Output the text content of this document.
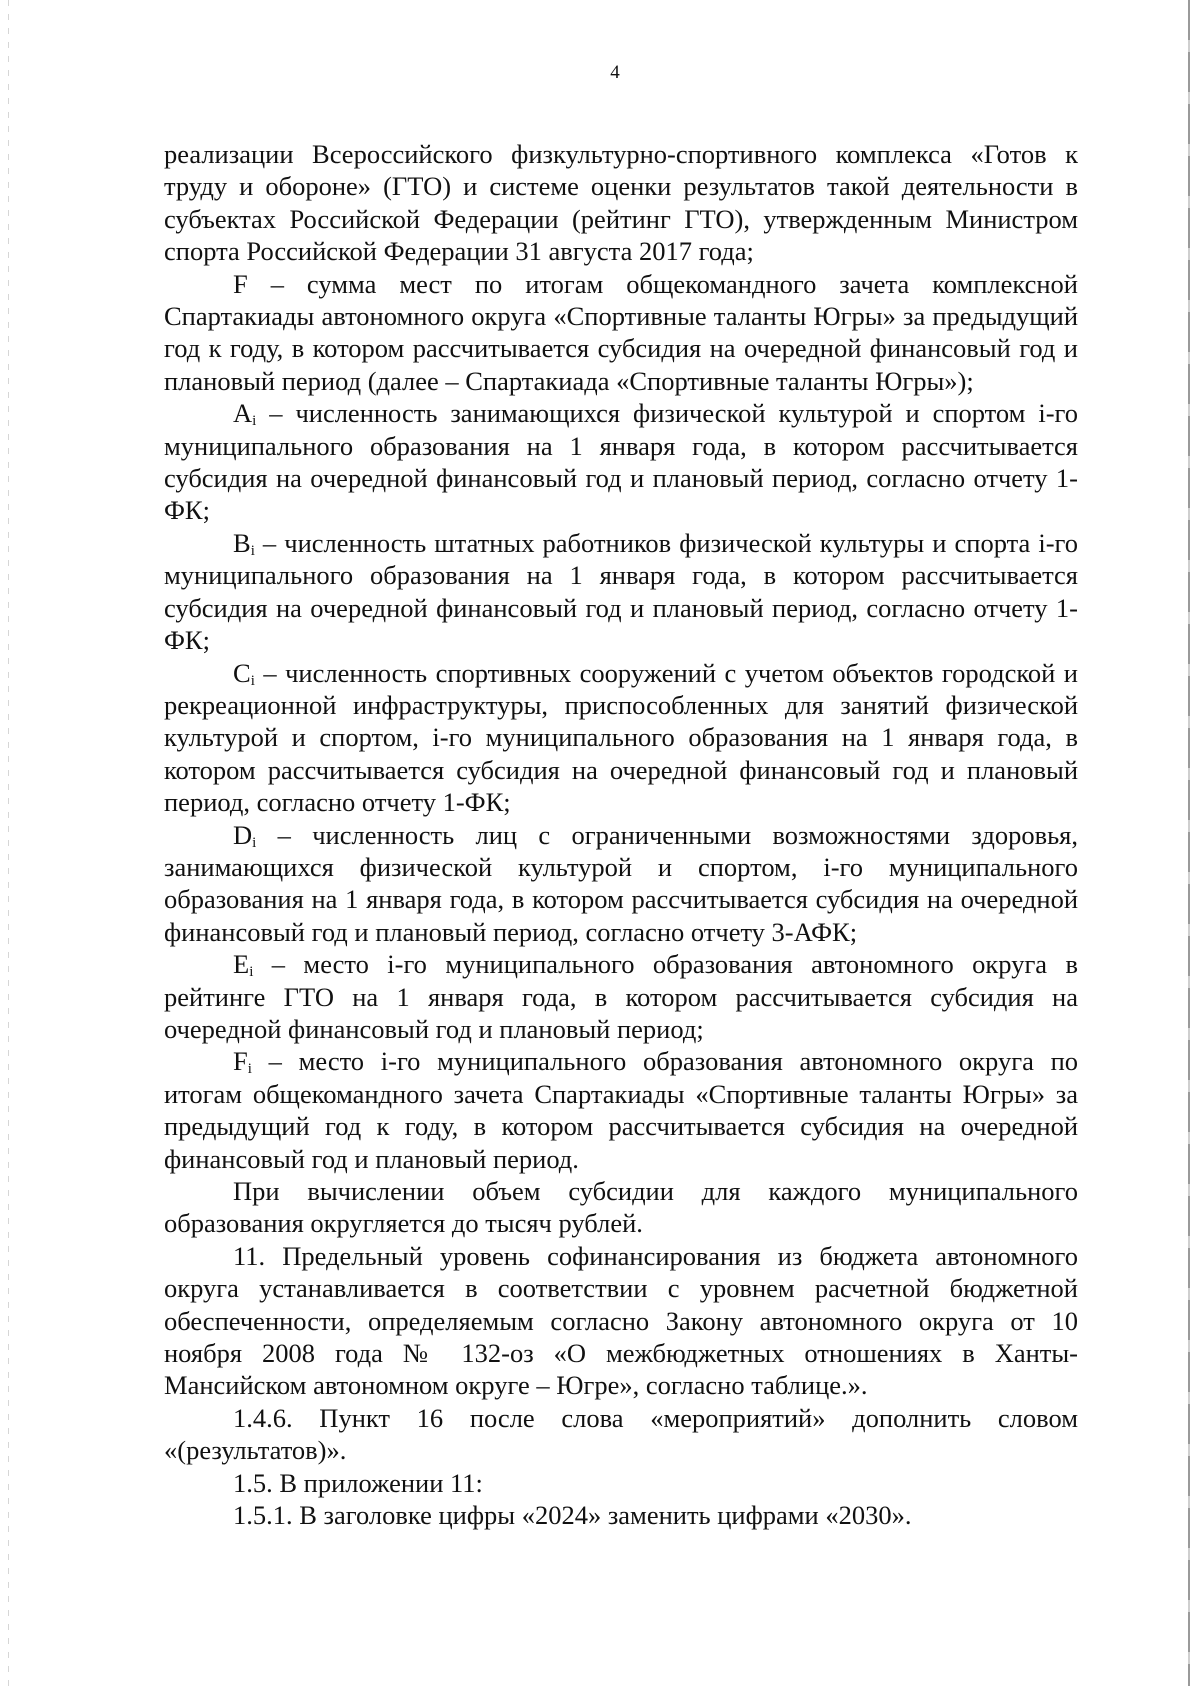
4

реализации Всероссийского физкультурно-спортивного комплекса «Готов к труду и обороне» (ГТО) и системе оценки результатов такой деятельности в субъектах Российской Федерации (рейтинг ГТО), утвержденным Министром спорта Российской Федерации 31 августа 2017 года;

F – сумма мест по итогам общекомандного зачета комплексной Спартакиады автономного округа «Спортивные таланты Югры» за предыдущий год к году, в котором рассчитывается субсидия на очередной финансовый год и плановый период (далее – Спартакиада «Спортивные таланты Югры»);

$A_i$ – численность занимающихся физической культурой и спортом i-го муниципального образования на 1 января года, в котором рассчитывается субсидия на очередной финансовый год и плановый период, согласно отчету 1-ФК;

$B_i$ – численность штатных работников физической культуры и спорта i-го муниципального образования на 1 января года, в котором рассчитывается субсидия на очередной финансовый год и плановый период, согласно отчету 1-ФК;

$C_i$ – численность спортивных сооружений с учетом объектов городской и рекреационной инфраструктуры, приспособленных для занятий физической культурой и спортом, i-го муниципального образования на 1 января года, в котором рассчитывается субсидия на очередной финансовый год и плановый период, согласно отчету 1-ФК;

$D_i$ – численность лиц с ограниченными возможностями здоровья, занимающихся физической культурой и спортом, i-го муниципального образования на 1 января года, в котором рассчитывается субсидия на очередной финансовый год и плановый период, согласно отчету 3-АФК;

$E_i$ – место i-го муниципального образования автономного округа в рейтинге ГТО на 1 января года, в котором рассчитывается субсидия на очередной финансовый год и плановый период;

$F_i$ – место i-го муниципального образования автономного округа по итогам общекомандного зачета Спартакиады «Спортивные таланты Югры» за предыдущий год к году, в котором рассчитывается субсидия на очередной финансовый год и плановый период.

При вычислении объем субсидии для каждого муниципального образования округляется до тысяч рублей.

11. Предельный уровень софинансирования из бюджета автономного округа устанавливается в соответствии с уровнем расчетной бюджетной обеспеченности, определяемым согласно Закону автономного округа от 10 ноября 2008 года № 132-оз «О межбюджетных отношениях в Ханты-Мансийском автономном округе – Югре», согласно таблице.».

1.4.6. Пункт 16 после слова «мероприятий» дополнить словом «(результатов)».

1.5. В приложении 11:

1.5.1. В заголовке цифры «2024» заменить цифрами «2030».
